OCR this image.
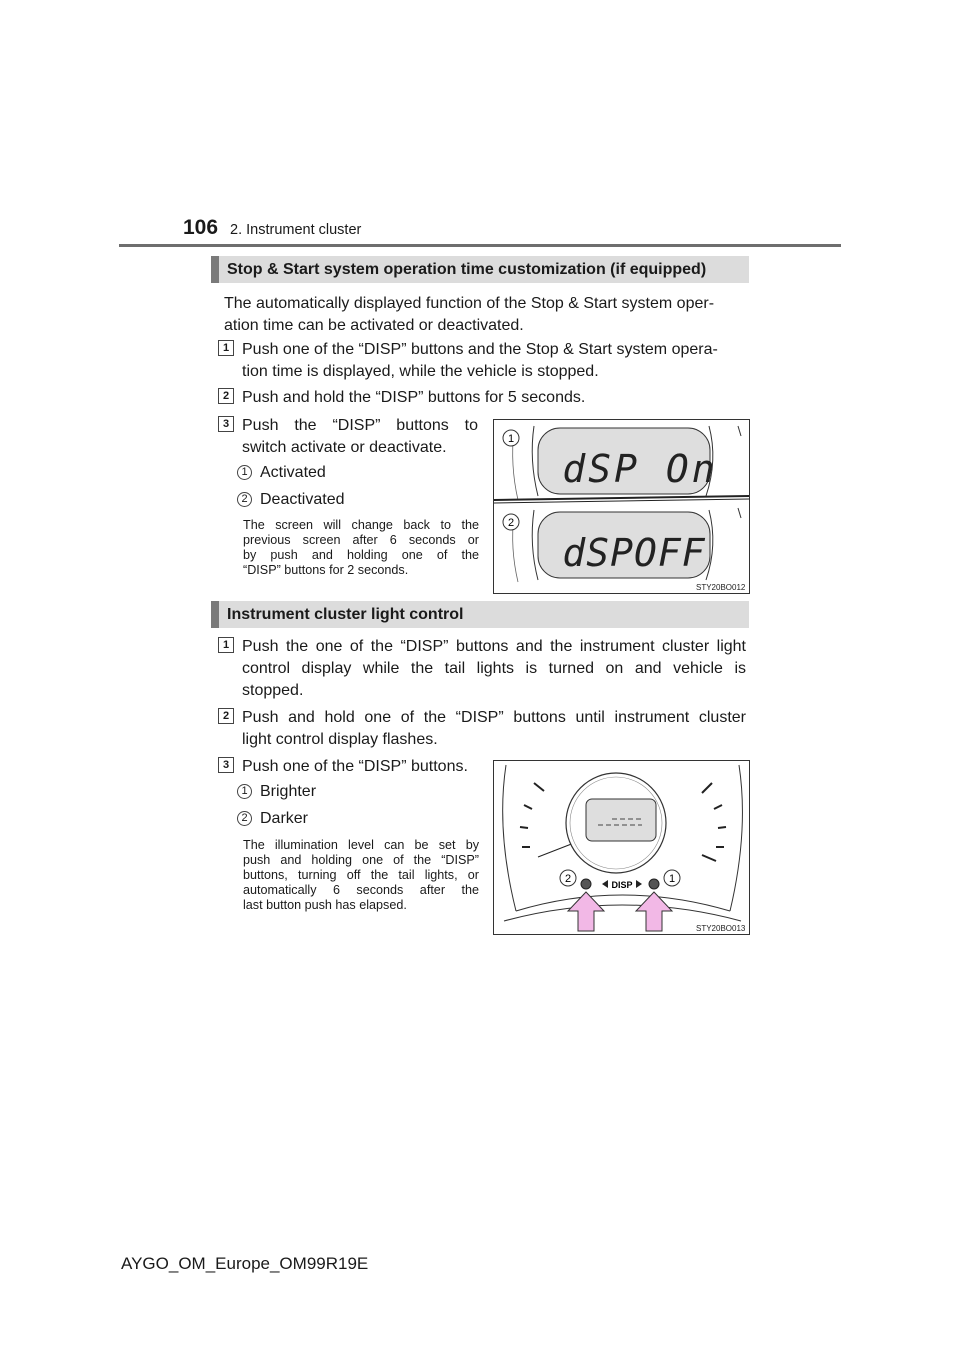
106 2. Instrument cluster
Stop & Start system operation time customization (if equipped)
The automatically displayed function of the Stop & Start system oper-
ation time can be activated or deactivated.
1 Push one of the “DISP” buttons and the Stop & Start system opera-
tion time is displayed, while the vehicle is stopped.
2 Push and hold the “DISP” buttons for 5 seconds.
3 Push the “DISP” buttons to
switch activate or deactivate.
1 Activated
2 Deactivated
The screen will change back to the
previous screen after 6 seconds or
by push and holding one of the
“DISP” buttons for 2 seconds.
1
2
dSP On
dSPOFF
STY20BO012
Instrument cluster light control
1 Push the one of the “DISP” buttons and the instrument cluster light
control display while the tail lights is turned on and vehicle is
stopped.
2 Push and hold one of the “DISP” buttons until instrument cluster
light control display flashes.
3 Push one of the “DISP” buttons.
1 Brighter
2 Darker
The illumination level can be set by
push and holding one of the “DISP”
buttons, turning off the tail lights, or
automatically 6 seconds after the
last button push has elapsed.
DISP
2	1
STY20BO013
AYGO_OM_Europe_OM99R19E
